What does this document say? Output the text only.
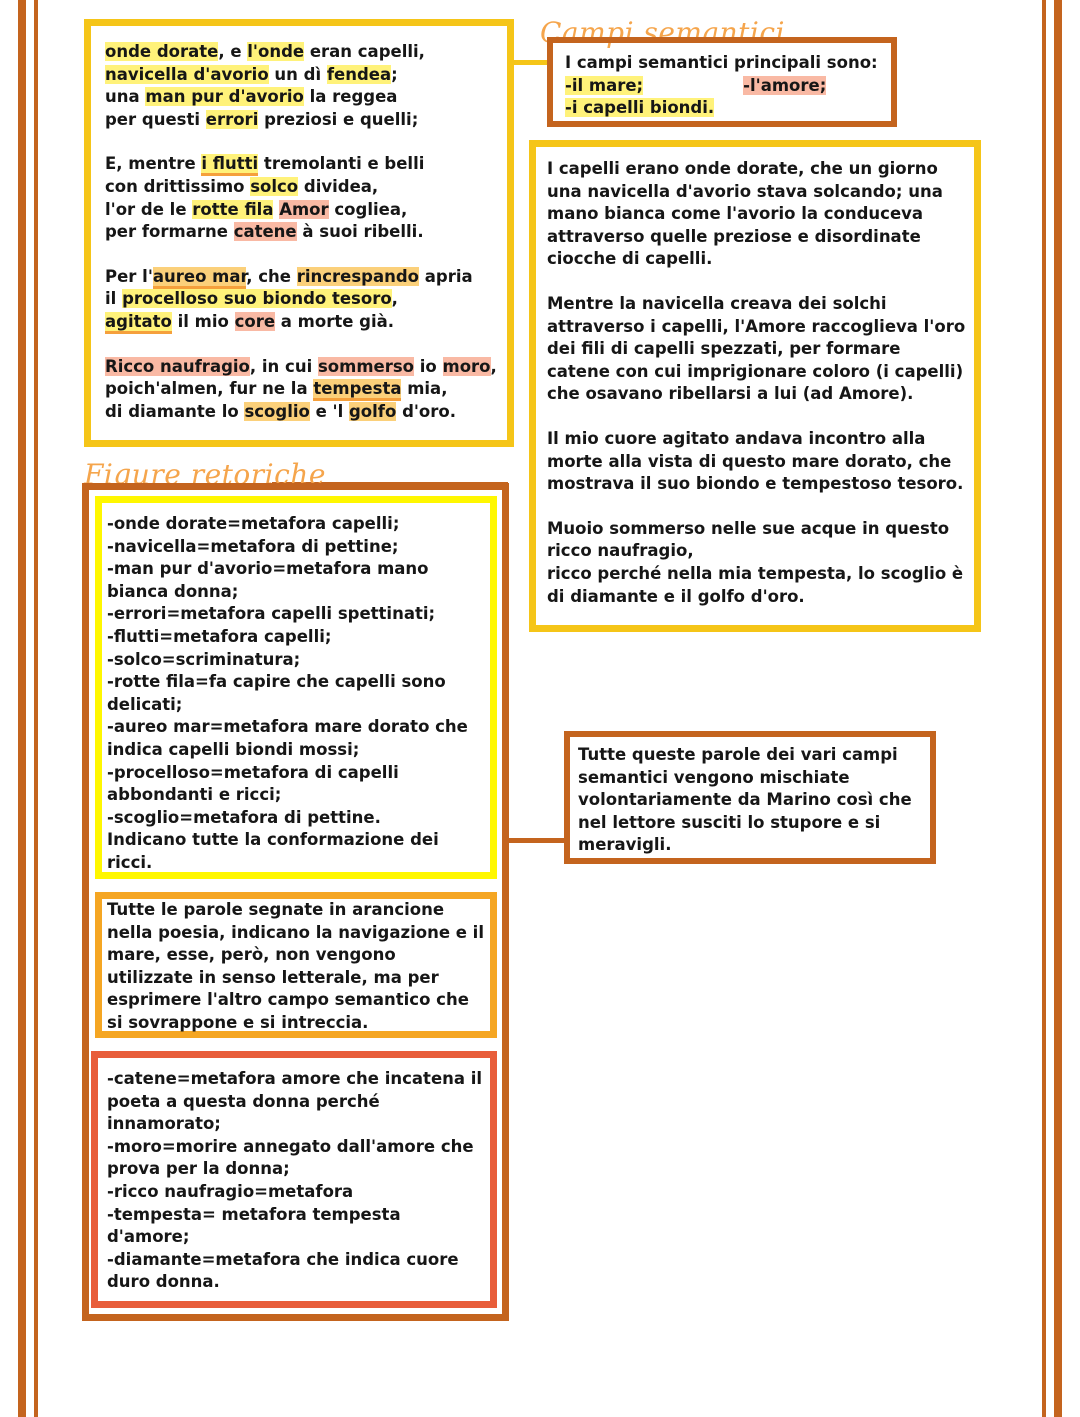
onde dorate, e l'onde eran capelli,

navicella d'avorio un dì fendea;

una man pur d'avorio la reggea

per questi errori preziosi e quelli;

E, mentre i flutti tremolanti e belli

con drittissimo solco dividea,

l'or de le rotte fila Amor cogliea,

per formarne catene à suoi ribelli.

Per l'aureo mar, che rincrespando apria

il procelloso suo biondo tesoro,

agitato il mio core a morte già.

Ricco naufragio, in cui sommerso io moro,

poich'almen, fur ne la tempesta mia,

di diamante lo scoglio e 'l golfo d'oro.

Campi semantici

I campi semantici principali sono:

-il mare;	-l'amore;

-i capelli biondi.

I capelli erano onde dorate, che un giorno una navicella d'avorio stava solcando; una mano bianca come l'avorio la conduceva attraverso quelle preziose e disordinate ciocche di capelli.

Mentre la navicella creava dei solchi attraverso i capelli, l'Amore raccoglieva l'oro dei fili di capelli spezzati, per formare catene con cui imprigionare coloro (i capelli) che osavano ribellarsi a lui (ad Amore).

Il mio cuore agitato andava incontro alla morte alla vista di questo mare dorato, che mostrava il suo biondo e tempestoso tesoro.

Muoio sommerso nelle sue acque in questo ricco naufragio,

ricco perché nella mia tempesta, lo scoglio è di diamante e il golfo d'oro.

Figure retoriche

-onde dorate=metafora capelli;

-navicella=metafora di pettine;

-man pur d'avorio=metafora mano bianca donna;

-errori=metafora capelli spettinati;

-flutti=metafora capelli;

-solco=scriminatura;

-rotte fila=fa capire che capelli sono delicati;

-aureo mar=metafora mare dorato che indica capelli biondi mossi;

-procelloso=metafora di capelli abbondanti e ricci;

-scoglio=metafora di pettine.

Indicano tutte la conformazione dei ricci.

Tutte le parole segnate in arancione nella poesia, indicano la navigazione e il mare, esse, però, non vengono utilizzate in senso letterale, ma per esprimere l'altro campo semantico che si sovrappone e si intreccia.

-catene=metafora amore che incatena il poeta a questa donna perché innamorato;

-moro=morire annegato dall'amore che prova per la donna;

-ricco naufragio=metafora

-tempesta= metafora tempesta d'amore;

-diamante=metafora che indica cuore duro donna.

Tutte queste parole dei vari campi semantici vengono mischiate volontariamente da Marino così che nel lettore susciti lo stupore e si meravigli.
